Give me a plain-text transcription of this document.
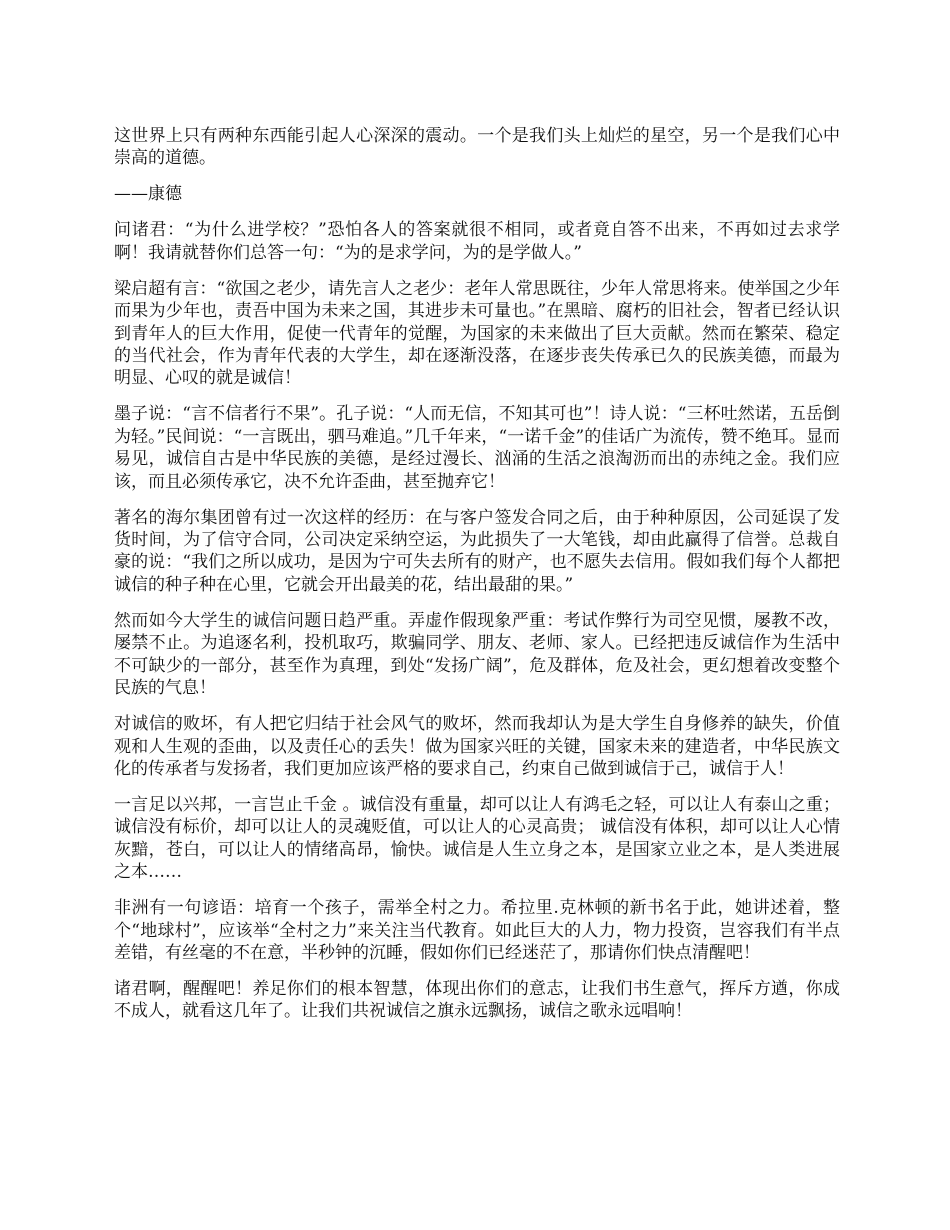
这世界上只有两种东西能引起人心深深的震动。一个是我们头上灿烂的星空，另一个是我们心中崇高的道德。

——康德

问诸君：“为什么进学校？”恐怕各人的答案就很不相同，或者竟自答不出来，不再如过去求学啊！我请就替你们总答一句：“为的是求学问，为的是学做人。”

梁启超有言：“欲国之老少，请先言人之老少：老年人常思既往，少年人常思将来。使举国之少年而果为少年也，责吾中国为未来之国，其进步未可量也。”在黑暗、腐朽的旧社会，智者已经认识到青年人的巨大作用，促使一代青年的觉醒，为国家的未来做出了巨大贡献。然而在繁荣、稳定的当代社会，作为青年代表的大学生，却在逐渐没落，在逐步丧失传承已久的民族美德，而最为明显、心叹的就是诚信！

墨子说：“言不信者行不果”。孔子说：“人而无信，不知其可也”！诗人说：“三杯吐然诺，五岳倒为轻。”民间说：“一言既出，驷马难追。”几千年来，“一诺千金”的佳话广为流传，赞不绝耳。显而易见，诚信自古是中华民族的美德，是经过漫长、汹涌的生活之浪淘沥而出的赤纯之金。我们应该，而且必须传承它，决不允许歪曲，甚至抛弃它！

著名的海尔集团曾有过一次这样的经历：在与客户签发合同之后，由于种种原因，公司延误了发货时间，为了信守合同，公司决定采纳空运，为此损失了一大笔钱，却由此赢得了信誉。总裁自豪的说：“我们之所以成功，是因为宁可失去所有的财产，也不愿失去信用。假如我们每个人都把诚信的种子种在心里，它就会开出最美的花，结出最甜的果。”

然而如今大学生的诚信问题日趋严重。弄虚作假现象严重：考试作弊行为司空见惯，屡教不改，屡禁不止。为追逐名利，投机取巧，欺骗同学、朋友、老师、家人。已经把违反诚信作为生活中不可缺少的一部分，甚至作为真理，到处“发扬广阔”，危及群体，危及社会，更幻想着改变整个民族的气息！

对诚信的败坏，有人把它归结于社会风气的败坏，然而我却认为是大学生自身修养的缺失，价值观和人生观的歪曲，以及责任心的丢失！做为国家兴旺的关键，国家未来的建造者，中华民族文化的传承者与发扬者，我们更加应该严格的要求自己，约束自己做到诚信于己，诚信于人！

一言足以兴邦，一言岂止千金 。诚信没有重量，却可以让人有鸿毛之轻，可以让人有泰山之重； 诚信没有标价，却可以让人的灵魂贬值，可以让人的心灵高贵； 诚信没有体积，却可以让人心情灰黯，苍白，可以让人的情绪高昂，愉快。诚信是人生立身之本，是国家立业之本，是人类进展之本……

非洲有一句谚语：培育一个孩子，需举全村之力。希拉里.克林顿的新书名于此，她讲述着，整个“地球村”，应该举“全村之力”来关注当代教育。如此巨大的人力，物力投资，岂容我们有半点差错，有丝毫的不在意，半秒钟的沉睡，假如你们已经迷茫了，那请你们快点清醒吧！

诸君啊，醒醒吧！养足你们的根本智慧，体现出你们的意志，让我们书生意气，挥斥方遒，你成不成人，就看这几年了。让我们共祝诚信之旗永远飘扬，诚信之歌永远唱响！
